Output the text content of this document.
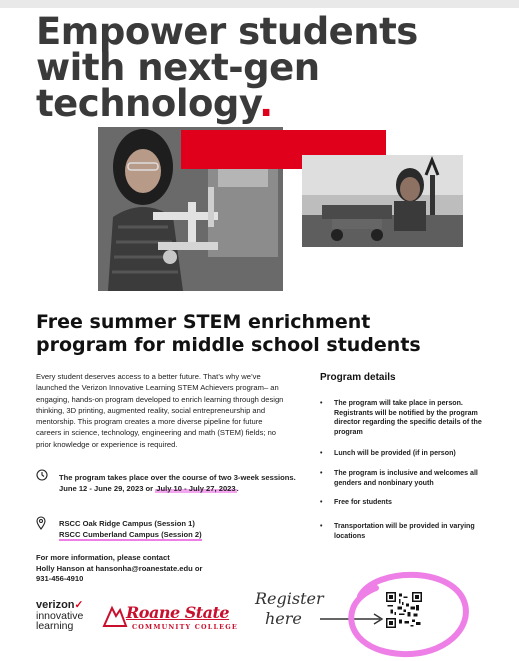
Empower students
with next-gen
technology.
Free summer STEM enrichment
program for middle school students
Every student deserves access to a better future. That’s why we’ve launched the Verizon Innovative Learning STEM Achievers program– an engaging, hands-on program developed to enrich learning through design thinking, 3D printing, augmented reality, social entrepreneurship and mentorship. This program creates a more diverse pipeline for future careers in science, technology, engineering and math (STEM) fields; no prior knowledge or experience is required.
The program takes place over the course of two 3-week sessions. June 12 - June 29, 2023 or July 10 - July 27, 2023.
RSCC Oak Ridge Campus (Session 1)
RSCC Cumberland Campus (Session 2)
For more information, please contact
Holly Hanson at hansonha@roanestate.edu or
931-456-4910
Program details
• The program will take place in person. Registrants will be notified by the program director regarding the specific details of the program
• Lunch will be provided (if in person)
• The program is inclusive and welcomes all genders and nonbinary youth
• Free for students
• Transportation will be provided in varying locations
verizon✓
innovative
learning
Roane State
COMMUNITY COLLEGE
Register
here
